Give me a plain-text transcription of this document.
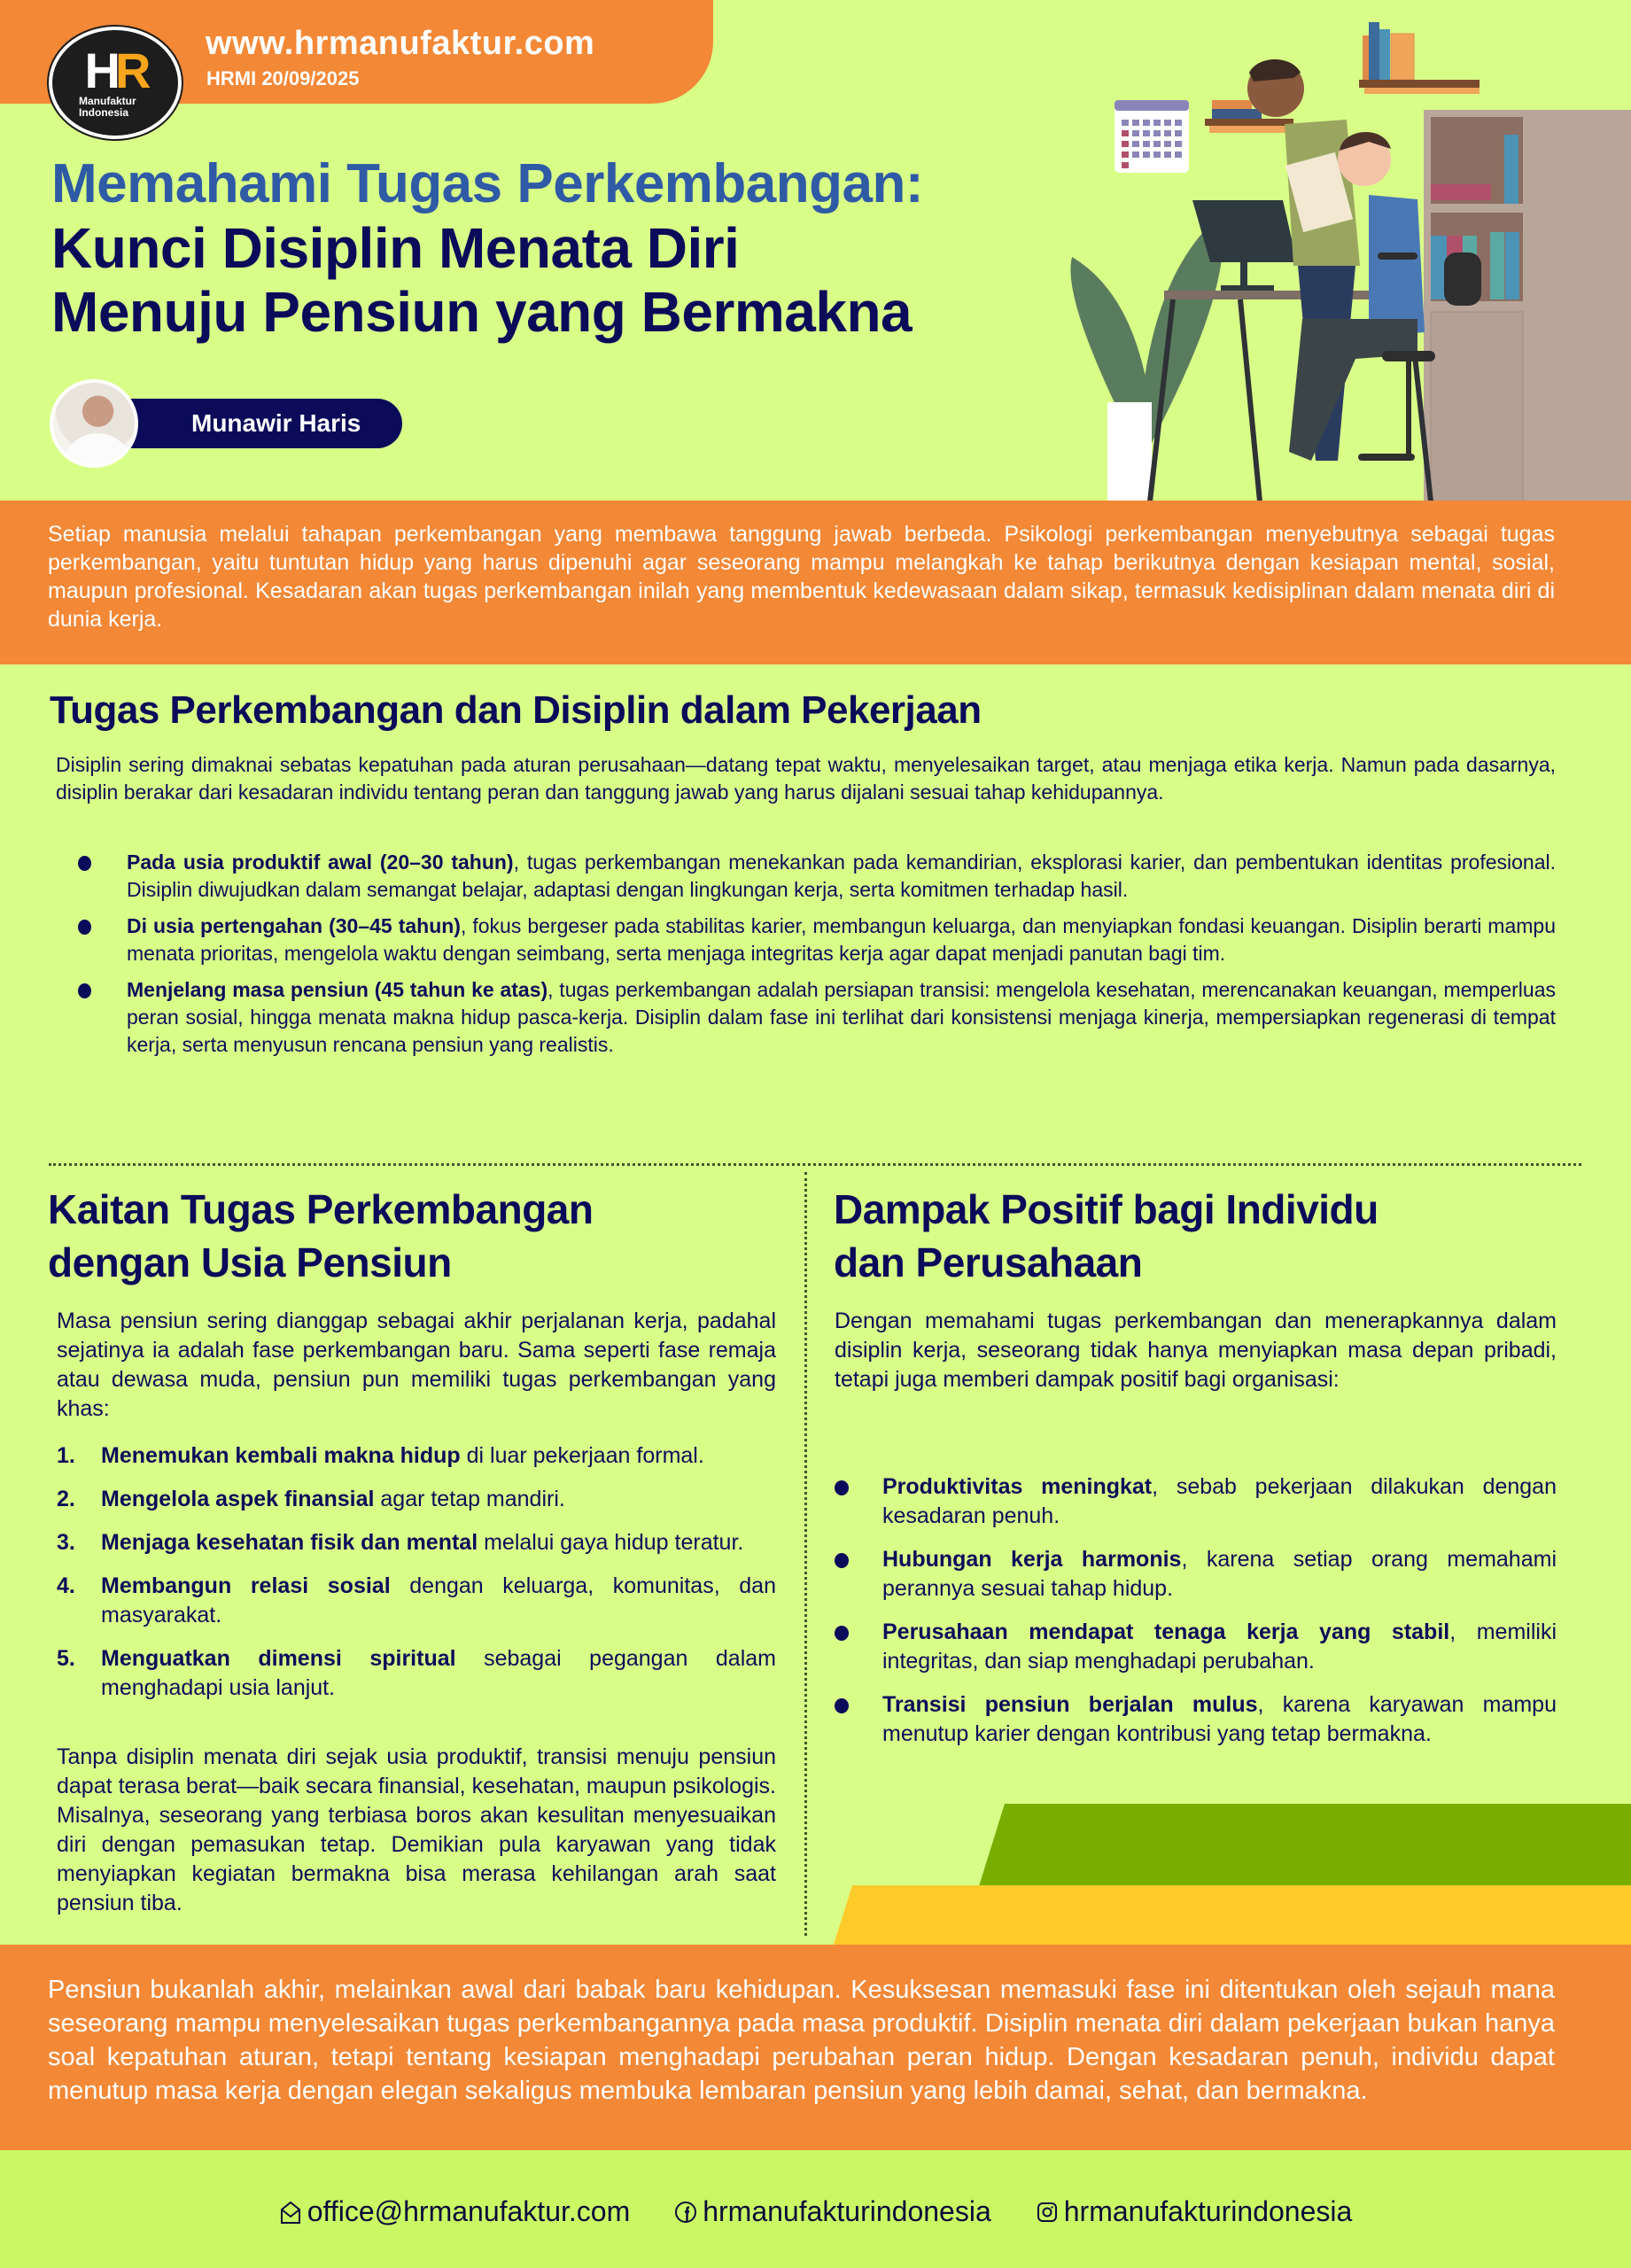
HR
Manufaktur
Indonesia
www.hrmanufaktur.com
HRMI 20/09/2025
Memahami Tugas Perkembangan:
Kunci Disiplin Menata Diri
Menuju Pensiun yang Bermakna
Munawir Haris

Setiap manusia melalui tahapan perkembangan yang membawa tanggung jawab berbeda. Psikologi perkembangan menyebutnya sebagai tugas perkembangan, yaitu tuntutan hidup yang harus dipenuhi agar seseorang mampu melangkah ke tahap berikutnya dengan kesiapan mental, sosial, maupun profesional. Kesadaran akan tugas perkembangan inilah yang membentuk kedewasaan dalam sikap, termasuk kedisiplinan dalam menata diri di dunia kerja.

Tugas Perkembangan dan Disiplin dalam Pekerjaan

Disiplin sering dimaknai sebatas kepatuhan pada aturan perusahaan—datang tepat waktu, menyelesaikan target, atau menjaga etika kerja. Namun pada dasarnya, disiplin berakar dari kesadaran individu tentang peran dan tanggung jawab yang harus dijalani sesuai tahap kehidupannya.

Pada usia produktif awal (20–30 tahun), tugas perkembangan menekankan pada kemandirian, eksplorasi karier, dan pembentukan identitas profesional. Disiplin diwujudkan dalam semangat belajar, adaptasi dengan lingkungan kerja, serta komitmen terhadap hasil.
Di usia pertengahan (30–45 tahun), fokus bergeser pada stabilitas karier, membangun keluarga, dan menyiapkan fondasi keuangan. Disiplin berarti mampu menata prioritas, mengelola waktu dengan seimbang, serta menjaga integritas kerja agar dapat menjadi panutan bagi tim.
Menjelang masa pensiun (45 tahun ke atas), tugas perkembangan adalah persiapan transisi: mengelola kesehatan, merencanakan keuangan, memperluas peran sosial, hingga menata makna hidup pasca-kerja. Disiplin dalam fase ini terlihat dari konsistensi menjaga kinerja, mempersiapkan regenerasi di tempat kerja, serta menyusun rencana pensiun yang realistis.
Kaitan Tugas Perkembangan
dengan Usia Pensiun

Masa pensiun sering dianggap sebagai akhir perjalanan kerja, padahal sejatinya ia adalah fase perkembangan baru. Sama seperti fase remaja atau dewasa muda, pensiun pun memiliki tugas perkembangan yang khas:

1. Menemukan kembali makna hidup di luar pekerjaan formal.
2. Mengelola aspek finansial agar tetap mandiri.
3. Menjaga kesehatan fisik dan mental melalui gaya hidup teratur.
4. Membangun relasi sosial dengan keluarga, komunitas, dan masyarakat.
5. Menguatkan dimensi spiritual sebagai pegangan dalam menghadapi usia lanjut.

Tanpa disiplin menata diri sejak usia produktif, transisi menuju pensiun dapat terasa berat—baik secara finansial, kesehatan, maupun psikologis. Misalnya, seseorang yang terbiasa boros akan kesulitan menyesuaikan diri dengan pemasukan tetap. Demikian pula karyawan yang tidak menyiapkan kegiatan bermakna bisa merasa kehilangan arah saat pensiun tiba.

Dampak Positif bagi Individu
dan Perusahaan

Dengan memahami tugas perkembangan dan menerapkannya dalam disiplin kerja, seseorang tidak hanya menyiapkan masa depan pribadi, tetapi juga memberi dampak positif bagi organisasi:

Produktivitas meningkat, sebab pekerjaan dilakukan dengan kesadaran penuh.
Hubungan kerja harmonis, karena setiap orang memahami perannya sesuai tahap hidup.
Perusahaan mendapat tenaga kerja yang stabil, memiliki integritas, dan siap menghadapi perubahan.
Transisi pensiun berjalan mulus, karena karyawan mampu menutup karier dengan kontribusi yang tetap bermakna.

Pensiun bukanlah akhir, melainkan awal dari babak baru kehidupan. Kesuksesan memasuki fase ini ditentukan oleh sejauh mana seseorang mampu menyelesaikan tugas perkembangannya pada masa produktif. Disiplin menata diri dalam pekerjaan bukan hanya soal kepatuhan aturan, tetapi tentang kesiapan menghadapi perubahan peran hidup. Dengan kesadaran penuh, individu dapat menutup masa kerja dengan elegan sekaligus membuka lembaran pensiun yang lebih damai, sehat, dan bermakna.

office@hrmanufaktur.com	hrmanufakturindonesia	hrmanufakturindonesia
